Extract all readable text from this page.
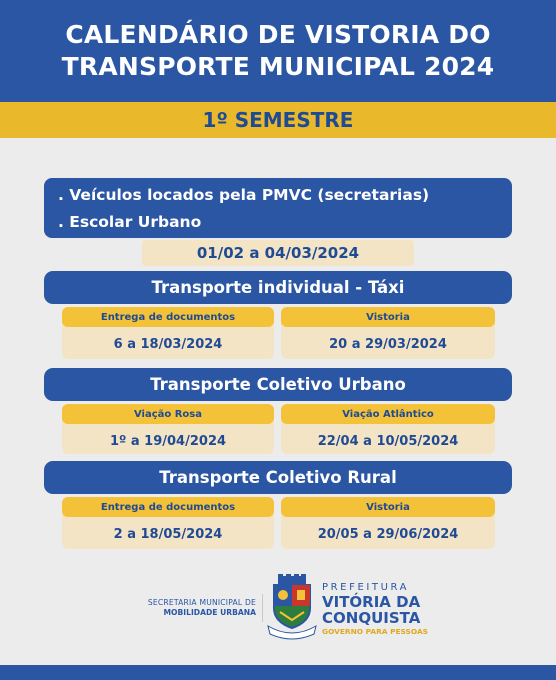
CALENDÁRIO DE VISTORIA DO
TRANSPORTE MUNICIPAL 2024
1º SEMESTRE
. Veículos locados pela PMVC (secretarias)
. Escolar Urbano
01/02 a 04/03/2024
Transporte individual - Táxi
Entrega de documentos
6 a 18/03/2024
Vistoria
20 a 29/03/2024
Transporte Coletivo Urbano
Viação Rosa
1º a 19/04/2024
Viação Atlântico
22/04 a 10/05/2024
Transporte Coletivo Rural
Entrega de documentos
2 a 18/05/2024
Vistoria
20/05 a 29/06/2024
SECRETARIA MUNICIPAL DE
MOBILIDADE URBANA
PREFEITURA
VITÓRIA DA
CONQUISTA
GOVERNO PARA PESSOAS
